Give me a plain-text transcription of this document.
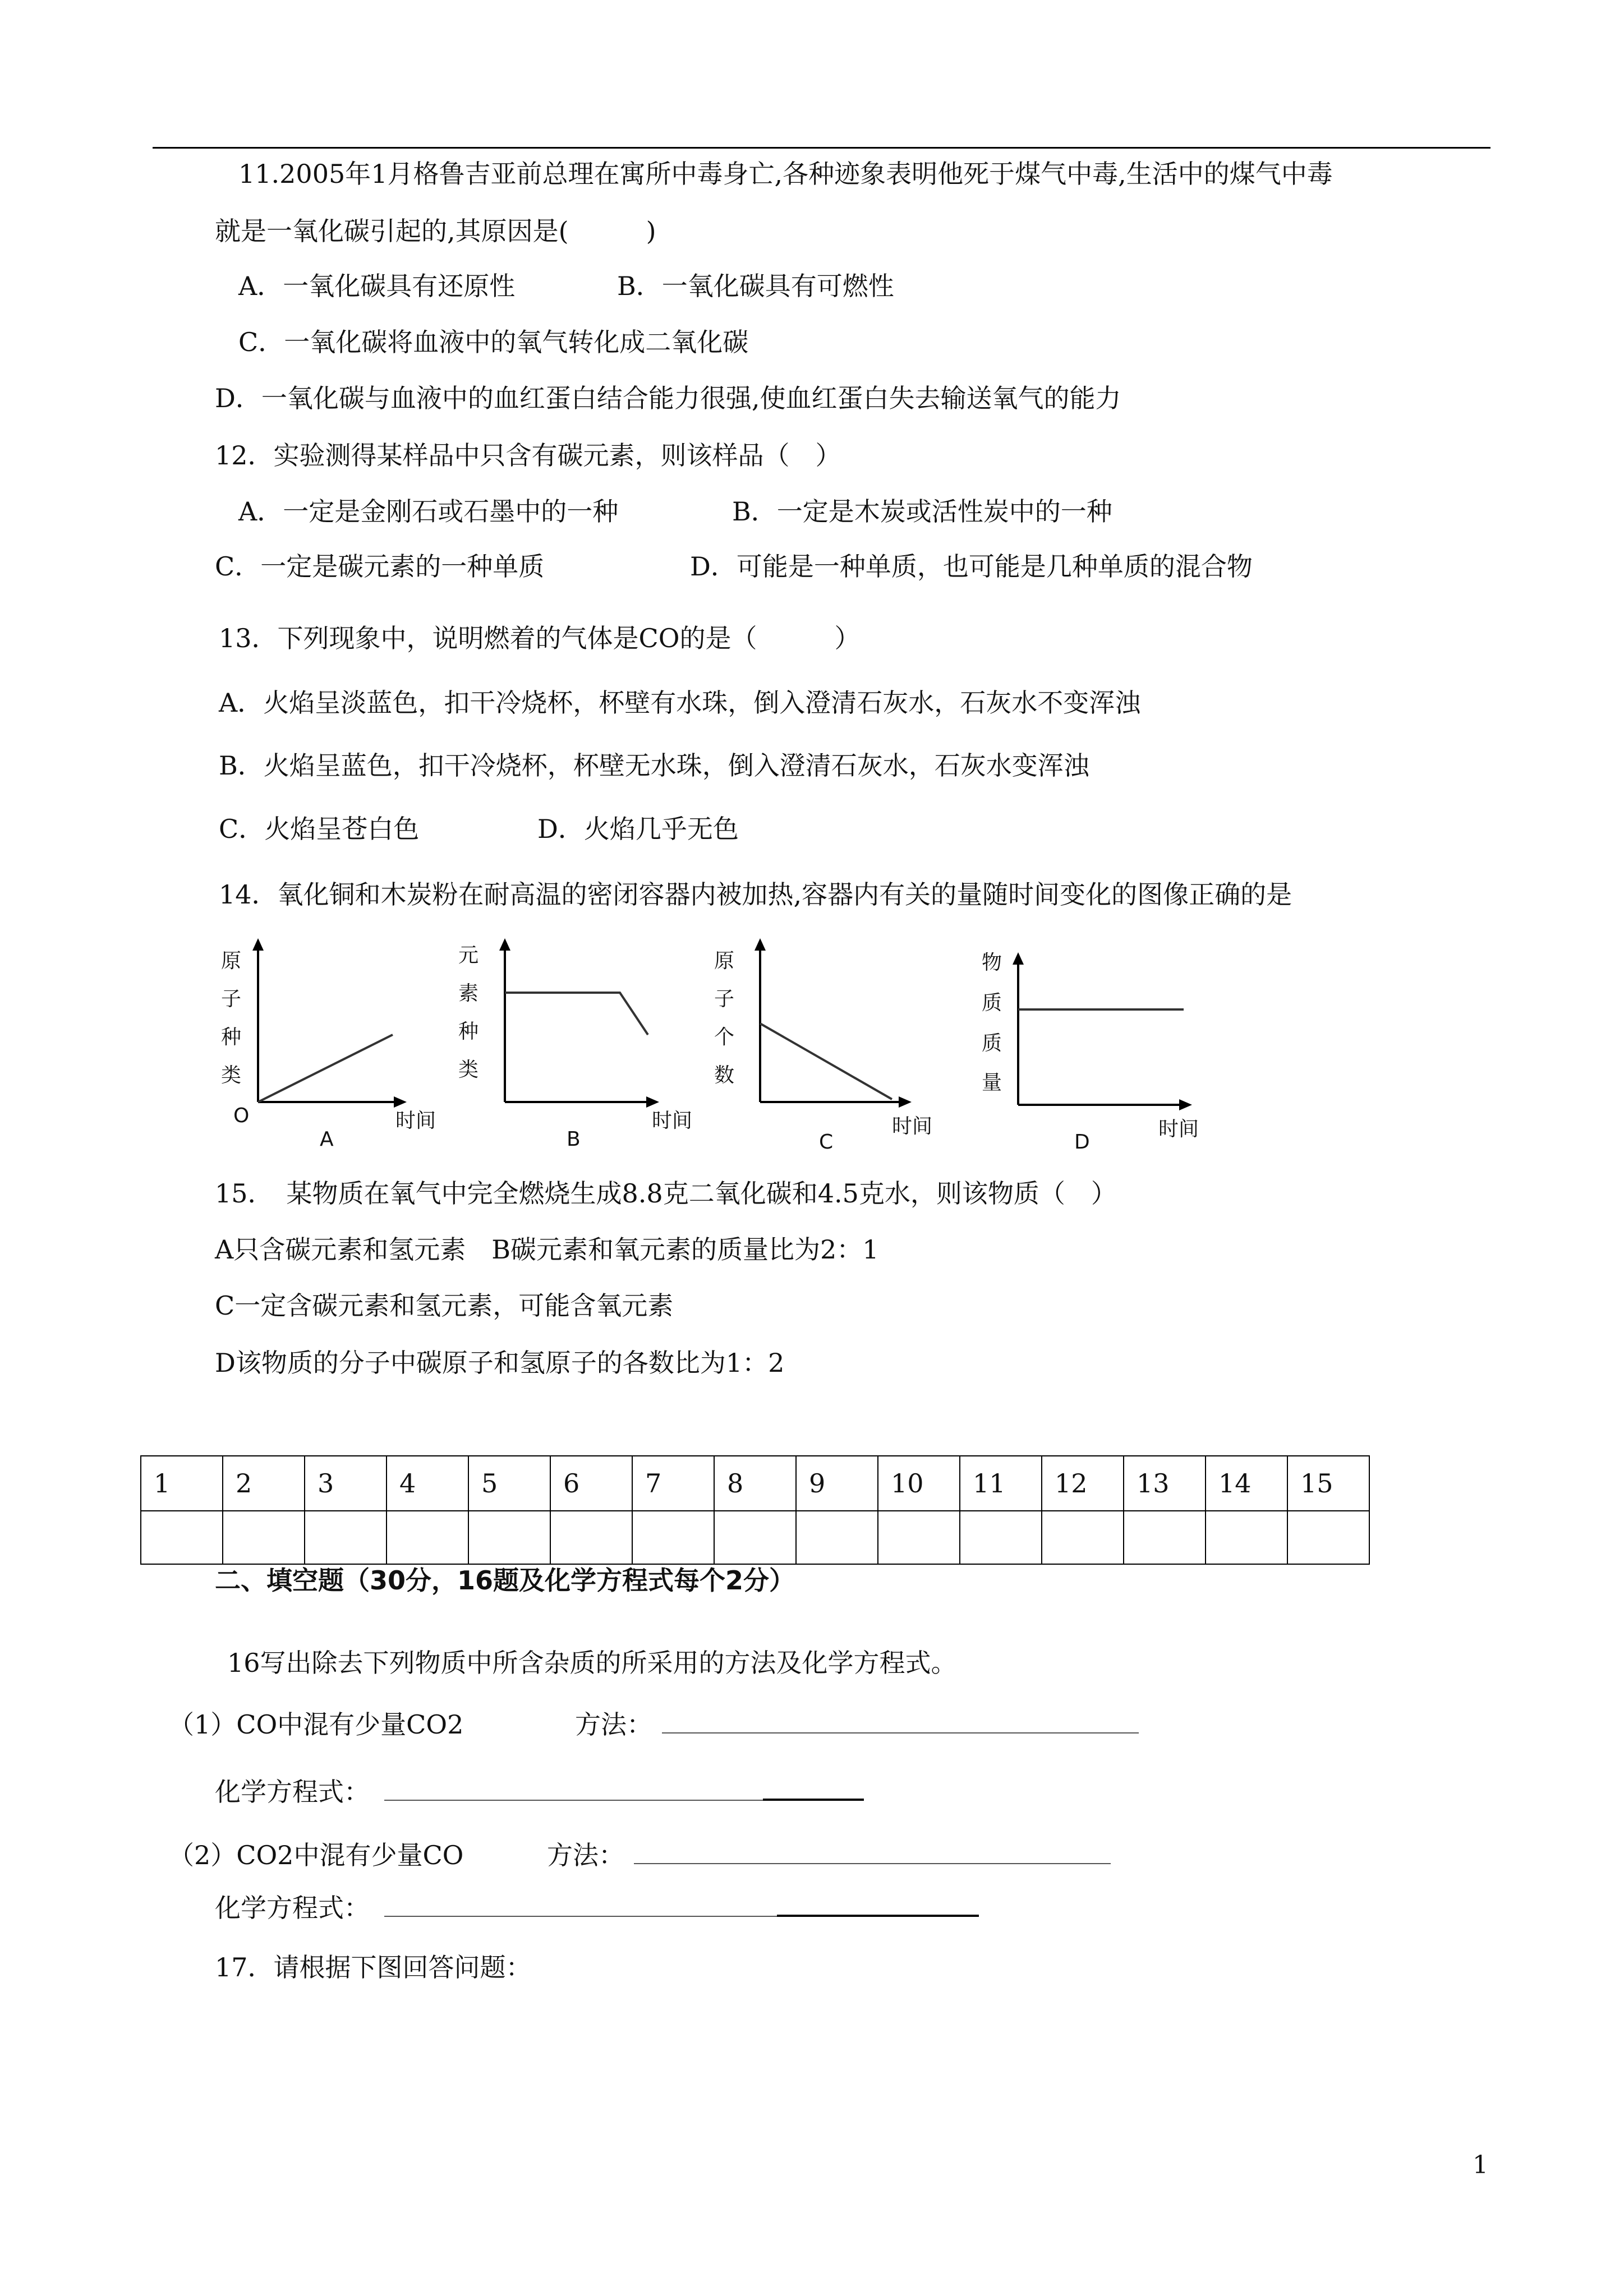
11.2005年1月格鲁吉亚前总理在寓所中毒身亡,各种迹象表明他死于煤气中毒,生活中的煤气中毒
就是一氧化碳引起的,其原因是(　　　)
A．一氧化碳具有还原性	B．一氧化碳具有可燃性
C．一氧化碳将血液中的氧气转化成二氧化碳
D．一氧化碳与血液中的血红蛋白结合能力很强,使血红蛋白失去输送氧气的能力
12．实验测得某样品中只含有碳元素，则该样品（　）
A．一定是金刚石或石墨中的一种	B．一定是木炭或活性炭中的一种
C．一定是碳元素的一种单质	D．可能是一种单质，也可能是几种单质的混合物
13．下列现象中，说明燃着的气体是CO的是（　　　）
A．火焰呈淡蓝色，扣干冷烧杯，杯壁有水珠，倒入澄清石灰水，石灰水不变浑浊
B．火焰呈蓝色，扣干冷烧杯，杯壁无水珠，倒入澄清石灰水，石灰水变浑浊
C．火焰呈苍白色	D．火焰几乎无色
14．氧化铜和木炭粉在耐高温的密闭容器内被加热,容器内有关的量随时间变化的图像正确的是
原
子
种
类
O	时间
A
元
素
种
类
时间
B
原
子
个
数
时间
C
物
质
质
量
时间
D
15．　某物质在氧气中完全燃烧生成8.8克二氧化碳和4.5克水，则该物质（　）
A只含碳元素和氢元素　B碳元素和氧元素的质量比为2：1
C一定含碳元素和氢元素，可能含氧元素
D该物质的分子中碳原子和氢原子的各数比为1：2
1	2	3	4	5	6	7	8	9	10	11	12	13	14	15

二、填空题（30分，16题及化学方程式每个2分）
16写出除去下列物质中所含杂质的所采用的方法及化学方程式。
（1）CO中混有少量CO2	方法：
化学方程式：
（2）CO2中混有少量CO	方法：
化学方程式：
17．请根据下图回答问题：
1
